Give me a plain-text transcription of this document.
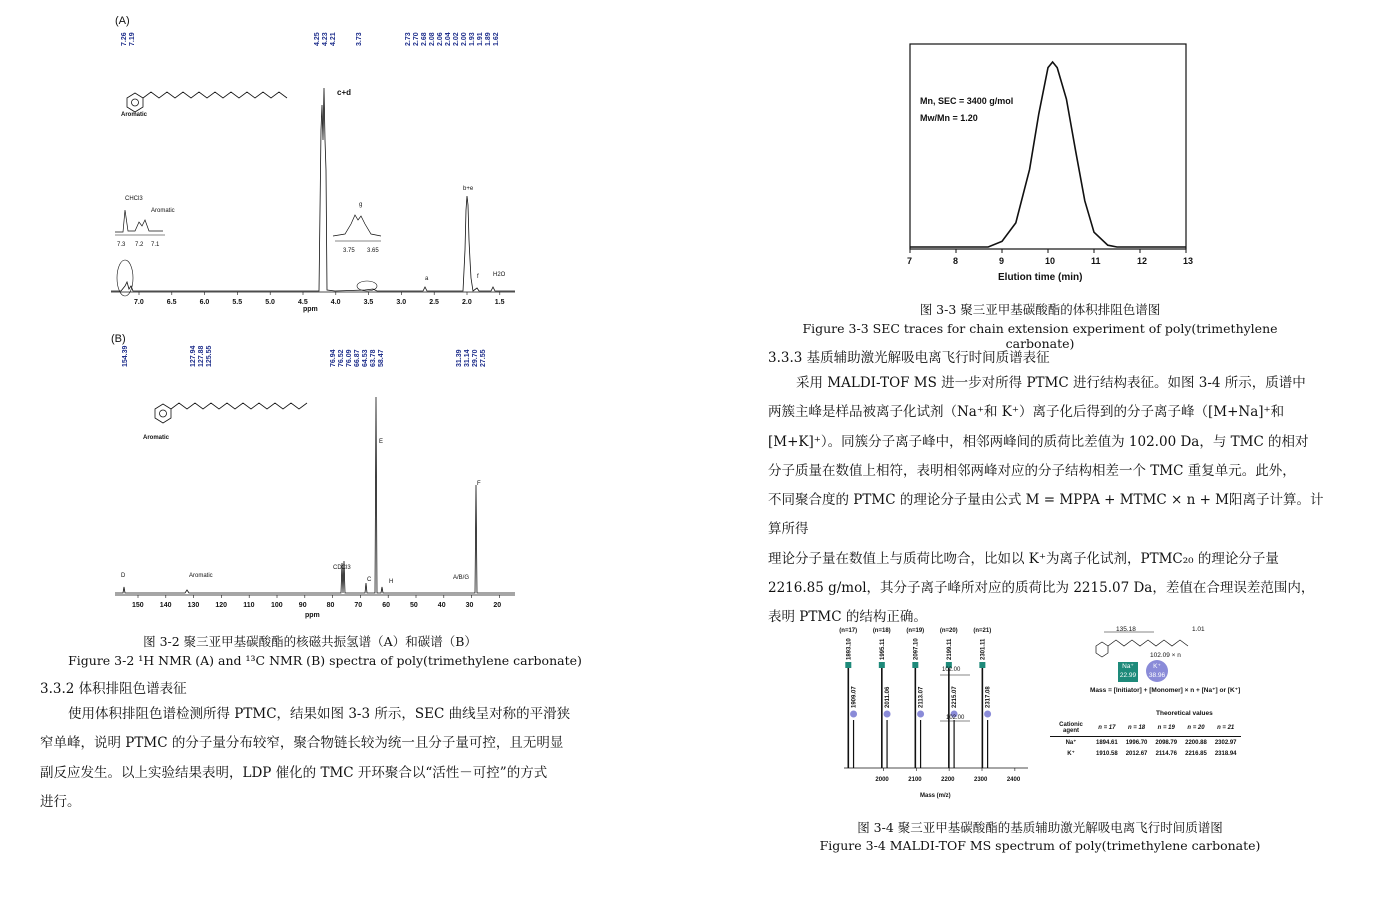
(A)
7.26 7.19	4.25 4.23 4.21	3.73	2.73 2.70 2.68 2.08 2.06 2.04 2.02 2.00 1.93 1.91 1.89 1.62
Aromatic
7.0	6.5	6.0	5.5	5.0	4.5	4.0	3.5	3.0	2.5	2.0	1.5
ppm
c+d
b+e
a	f H2O
CHCl3
Aromatic
7.3 7.2 7.1
g
3.75 3.65
(B)
154.39	127.94 127.88 125.55	76.94 76.52 76.09 66.87 64.53 63.78 58.47	31.39 31.14 29.70 27.55
Aromatic
150 140 130 120 110 100 90	80	70	60	50	40	30	20
ppm
D	Aromatic
CDCl3
C
E
H
A/B/G
F
图 3-2 聚三亚甲基碳酸酯的核磁共振氢谱（A）和碳谱（B）
Figure 3-2 ¹H NMR (A) and ¹³C NMR (B) spectra of poly(trimethylene carbonate)
3.3.2 体积排阻色谱表征

使用体积排阻色谱检测所得 PTMC，结果如图 3-3 所示，SEC 曲线呈对称的平滑狭

窄单峰，说明 PTMC 的分子量分布较窄，聚合物链长较为统一且分子量可控，且无明显

副反应发生。以上实验结果表明，LDP 催化的 TMC 开环聚合以“活性－可控”的方式

进行。

7	8	9	10	11	12	13
Elution time (min)
Mn, SEC = 3400 g/mol
Mw/Mn = 1.20
图 3-3 聚三亚甲基碳酸酯的体积排阻色谱图
Figure 3-3 SEC traces for chain extension experiment of poly(trimethylene carbonate)
3.3.3 基质辅助激光解吸电离飞行时间质谱表征

采用 MALDI-TOF MS 进一步对所得 PTMC 进行结构表征。如图 3-4 所示，质谱中

两簇主峰是样品被离子化试剂（Na⁺和 K⁺）离子化后得到的分子离子峰（[M+Na]⁺和

[M+K]⁺）。同簇分子离子峰中，相邻两峰间的质荷比差值为 102.00 Da，与 TMC 的相对

分子质量在数值上相符，表明相邻两峰对应的分子结构相差一个 TMC 重复单元。此外，

不同聚合度的 PTMC 的理论分子量由公式 M = MPPA + MTMC × n + M阳离子计算。计算所得

理论分子量在数值上与质荷比吻合，比如以 K⁺为离子化试剂，PTMC₂₀ 的理论分子量

2216.85 g/mol，其分子离子峰所对应的质荷比为 2215.07 Da，差值在合理误差范围内，

表明 PTMC 的结构正确。

1893.10
(n=17)
1995.11
(n=18)
2097.10
(n=19)
2199.11
(n=20)
2301.11
(n=21)
1909.07	2011.06	2113.07	2215.07	2317.08
2000	2100	2200	2300	2400
Mass (m/z)
102.00
102.00
135.18	1.01
102.09 × n
Na⁺
22.99
K⁺
38.96
Mass = [Initiator] + [Monomer] × n + [Na⁺] or [K⁺]
Theoretical values
Cationic agent	n = 17	n = 18	n = 19	n = 20	n = 21
Na⁺	1894.61	1996.70	2098.79	2200.88	2302.97
K⁺	1910.58	2012.67	2114.76	2216.85	2318.94
图 3-4 聚三亚甲基碳酸酯的基质辅助激光解吸电离飞行时间质谱图
Figure 3-4 MALDI-TOF MS spectrum of poly(trimethylene carbonate)
